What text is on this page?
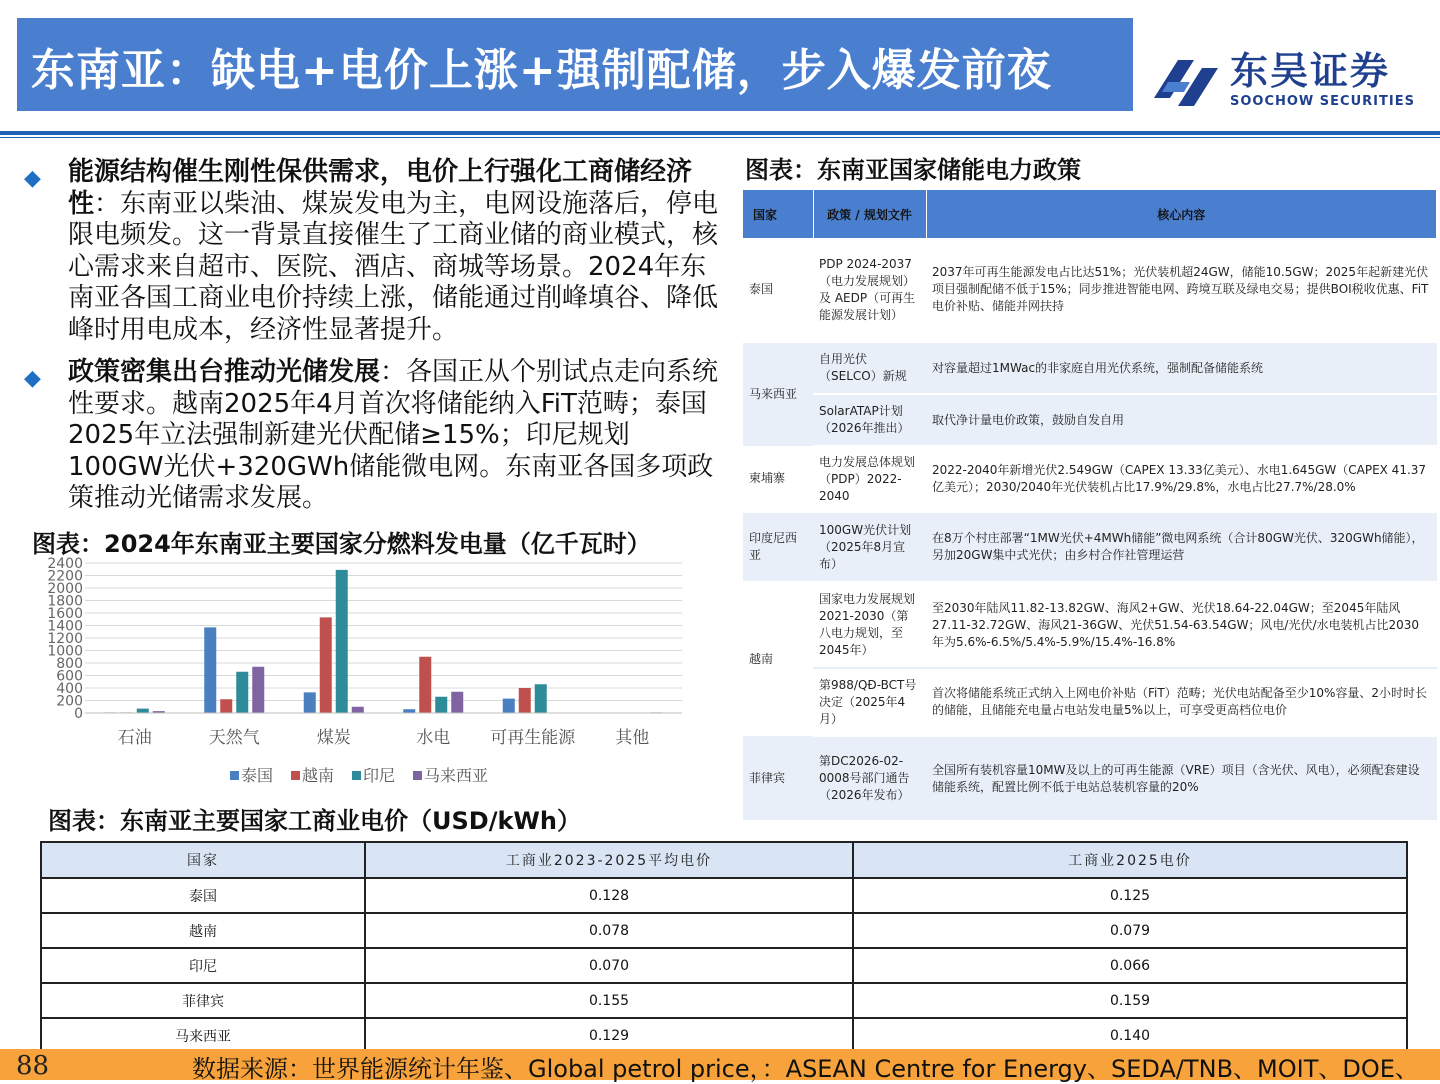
东南亚：缺电+电价上涨+强制配储，步入爆发前夜	东吴证券
SOOCHOW SECURITIES
◆ 能源结构催生刚性保供需求，电价上行强化工商储经济性：东南亚以柴油、煤炭发电为主，电网设施落后，停电限电频发。这一背景直接催生了工商业储的商业模式，核心需求来自超市、医院、酒店、商城等场景。2024年东南亚各国工商业电价持续上涨，储能通过削峰填谷、降低峰时用电成本，经济性显著提升。
◆ 政策密集出台推动光储发展：各国正从个别试点走向系统性要求。越南2025年4月首次将储能纳入FiT范畴；泰国2025年立法强制新建光伏配储≥15%；印尼规划100GW光伏+320GWh储能微电网。东南亚各国多项政策推动光储需求发展。
图表：2024年东南亚主要国家分燃料发电量（亿千瓦时）
0
200
400
600
800
1000
1200
1400
1600
1800
2000
2200
2400
石油	天然气	煤炭	水电 可再生能源 其他
泰国 越南 印尼 马来西亚
图表：东南亚主要国家工商业电价（USD/kWh）
国家	工商业2023-2025平均电价	工商业2025电价
泰国	0.128	0.125
越南	0.078	0.079
印尼	0.070	0.066
菲律宾	0.155	0.159
马来西亚	0.129	0.140
图表：东南亚国家储能电力政策
国家	政策 / 规划文件	核心内容
泰国	PDP 2024-2037（电力发展规划）及 AEDP（可再生能源发展计划）	2037年可再生能源发电占比达51%；光伏装机超24GW，储能10.5GW；2025年起新建光伏项目强制配储不低于15%；同步推进智能电网、跨境互联及绿电交易；提供BOI税收优惠、FiT电价补贴、储能并网扶持
马来西亚	自用光伏（SELCO）新规	对容量超过1MWac的非家庭自用光伏系统，强制配备储能系统
	SolarATAP计划（2026年推出）	取代净计量电价政策，鼓励自发自用
柬埔寨	电力发展总体规划（PDP）2022-2040	2022-2040年新增光伏2.549GW（CAPEX 13.33亿美元）、水电1.645GW（CAPEX 41.37亿美元）；2030/2040年光伏装机占比17.9%/29.8%，水电占比27.7%/28.0%
印度尼西亚	100GW光伏计划（2025年8月宣布）	在8万个村庄部署“1MW光伏+4MWh储能”微电网系统（合计80GW光伏、320GWh储能），另加20GW集中式光伏；由乡村合作社管理运营
越南	国家电力发展规划2021-2030（第八电力规划，至2045年）	至2030年陆风11.82-13.82GW、海风2+GW、光伏18.64-22.04GW；至2045年陆风27.11-32.72GW、海风21-36GW、光伏51.54-63.54GW；风电/光伏/水电装机占比2030年为5.6%-6.5%/5.4%-5.9%/15.4%-16.8%
	第988/QĐ-BCT号决定（2025年4月）	首次将储能系统正式纳入上网电价补贴（FiT）范畴；光伏电站配备至少10%容量、2小时时长的储能，且储能充电量占电站发电量5%以上，可享受更高档位电价
菲律宾	第DC2026-02-0008号部门通告（2026年发布）	全国所有装机容量10MW及以上的可再生能源（VRE）项目（含光伏、风电），必须配套建设储能系统，配置比例不低于电站总装机容量的20%
88	数据来源：世界能源统计年鉴、Global petrol price，：ASEAN Centre for Energy、SEDA/TNB、MOIT、DOE、
